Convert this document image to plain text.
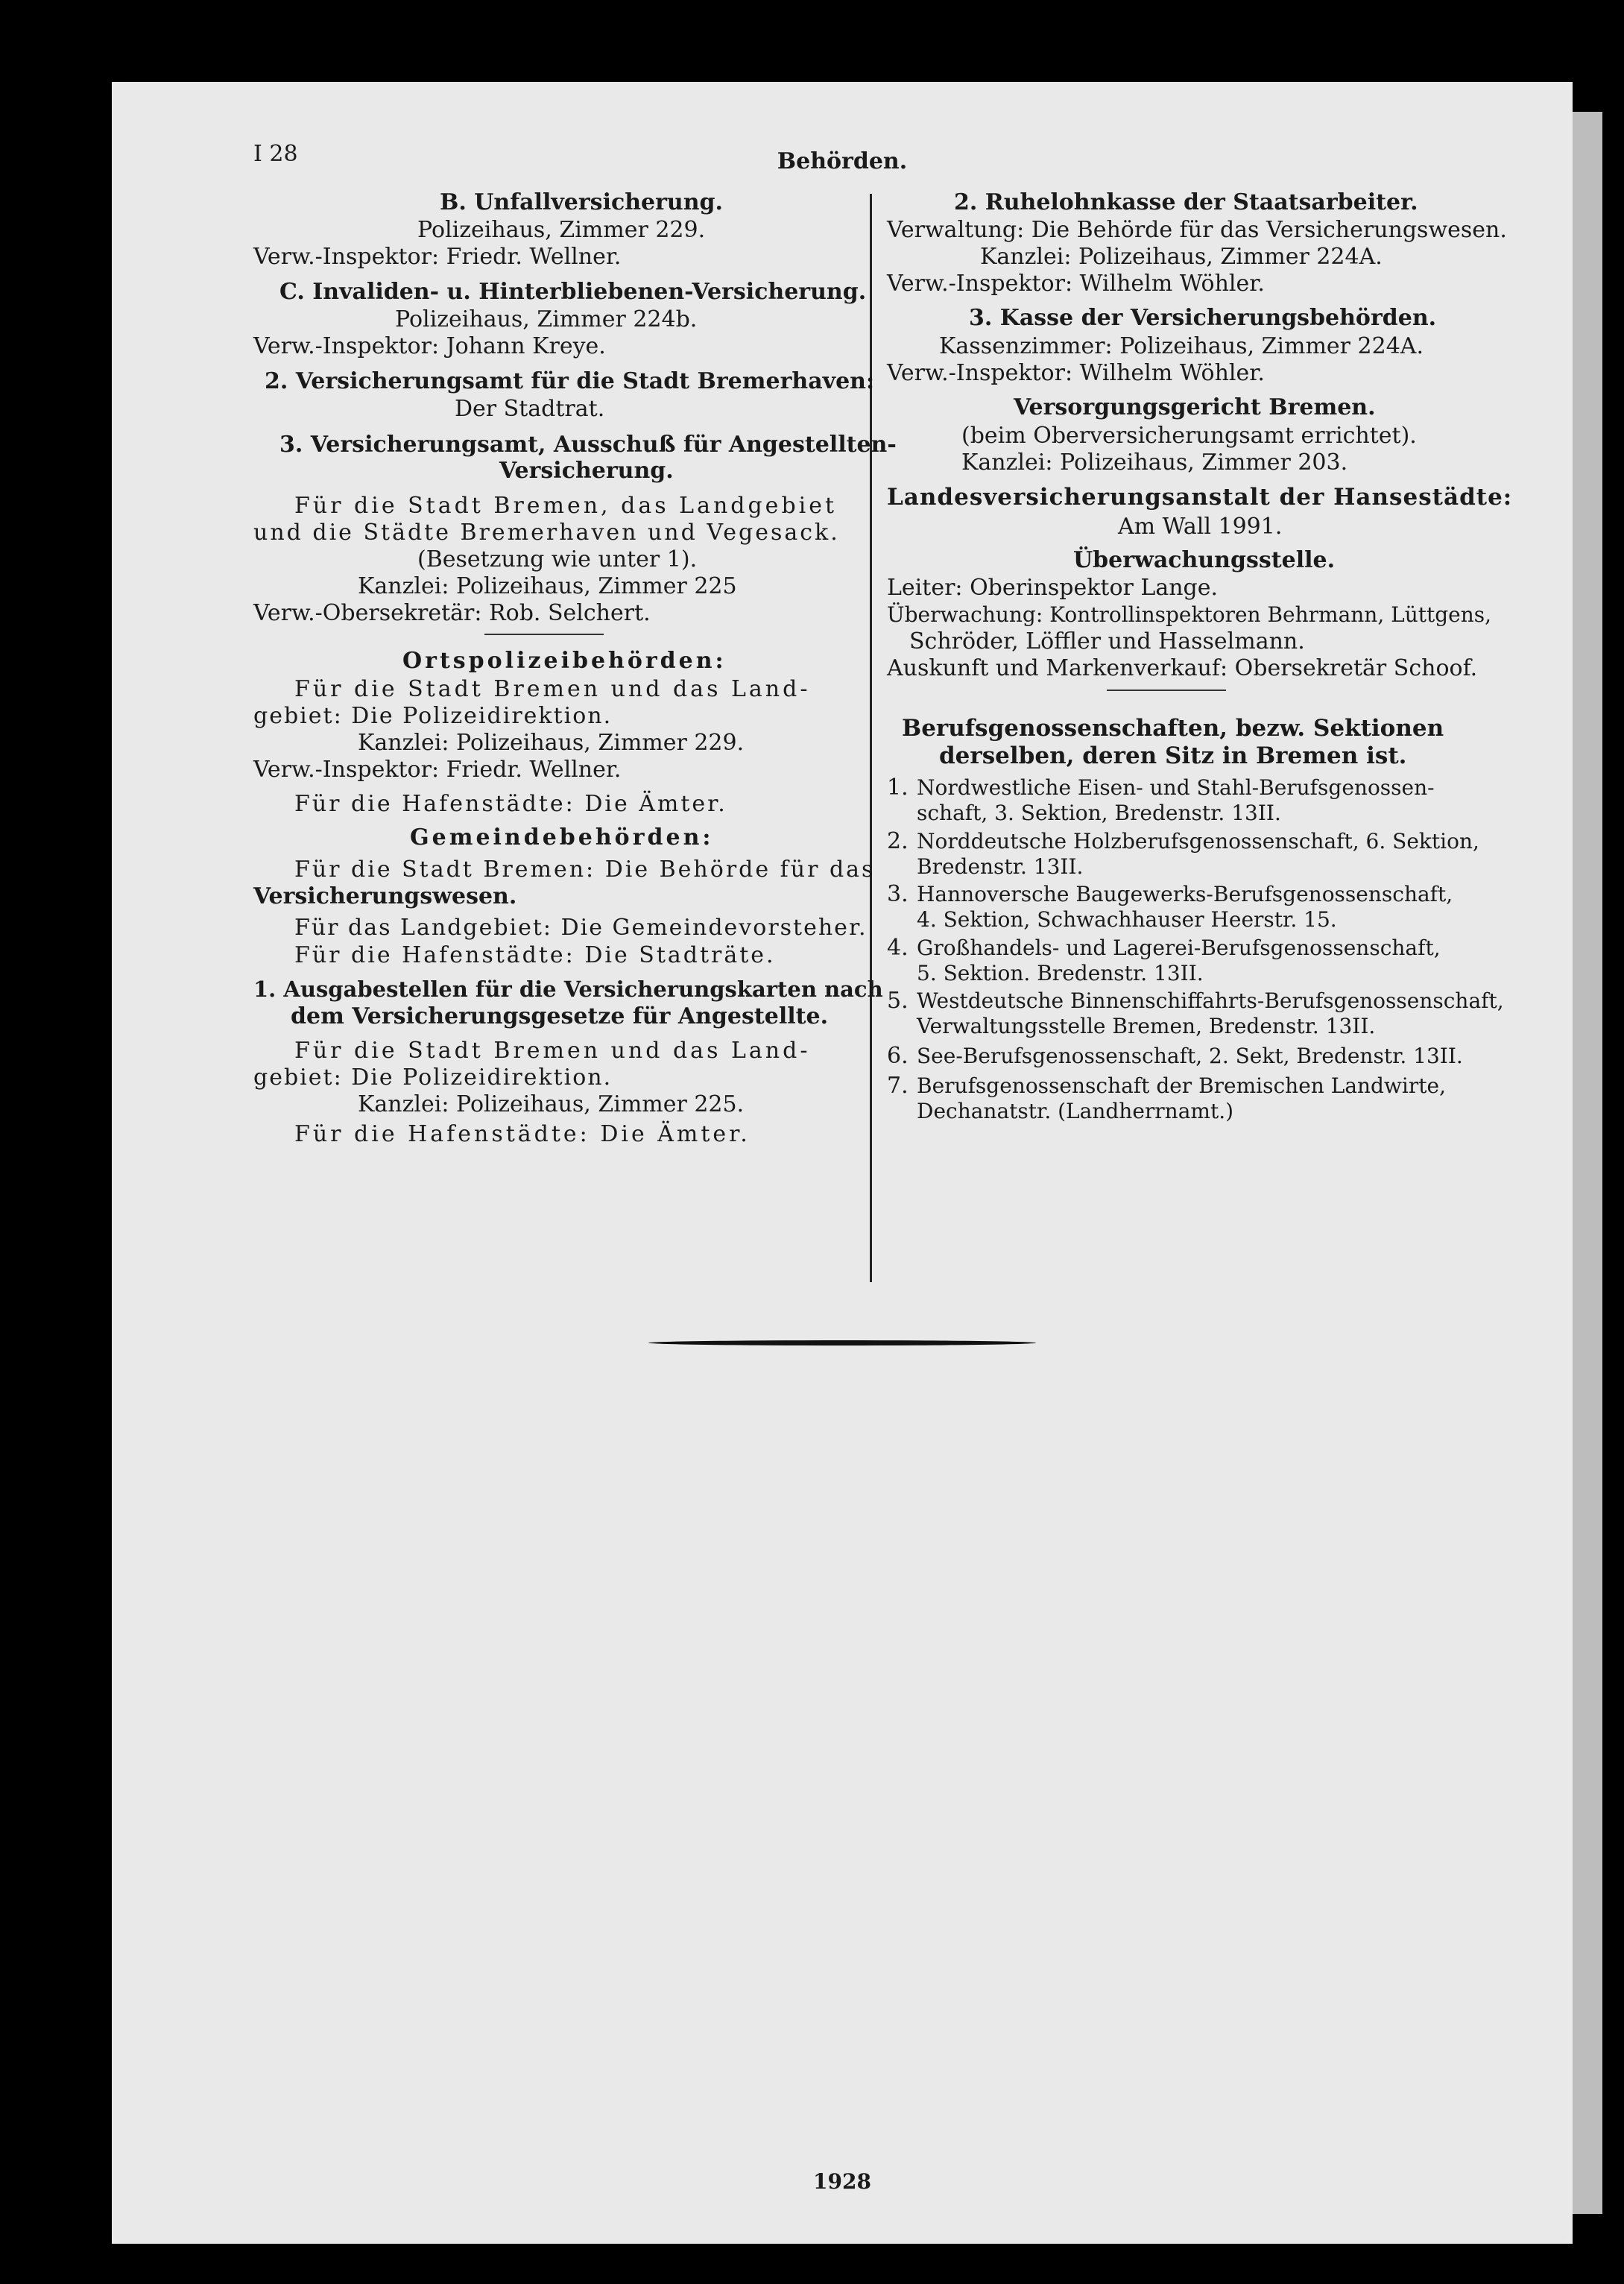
I 28	Behörden.
B. Unfallversicherung.
Polizeihaus, Zimmer 229.
Verw.-Inspektor: Friedr. Wellner.
C. Invaliden- u. Hinterbliebenen-Versicherung.
Polizeihaus, Zimmer 224b.
Verw.-Inspektor: Johann Kreye.
2. Versicherungsamt für die Stadt Bremerhaven:
Der Stadtrat.
3. Versicherungsamt, Ausschuß für Angestellten-
Versicherung.
Für die Stadt Bremen, das Landgebiet
und die Städte Bremerhaven und Vegesack.
(Besetzung wie unter 1).
Kanzlei: Polizeihaus, Zimmer 225
Verw.-Obersekretär: Rob. Selchert.
Ortspolizeibehörden:
Für die Stadt Bremen und das Land-
gebiet: Die Polizeidirektion.
Kanzlei: Polizeihaus, Zimmer 229.
Verw.-Inspektor: Friedr. Wellner.
Für die Hafenstädte: Die Ämter.
Gemeindebehörden:
Für die Stadt Bremen: Die Behörde für das
Versicherungswesen.
Für das Landgebiet: Die Gemeindevorsteher.
Für die Hafenstädte: Die Stadträte.
1. Ausgabestellen für die Versicherungskarten nach
dem Versicherungsgesetze für Angestellte.
Für die Stadt Bremen und das Land-
gebiet: Die Polizeidirektion.
Kanzlei: Polizeihaus, Zimmer 225.
Für die Hafenstädte: Die Ämter.
2. Ruhelohnkasse der Staatsarbeiter.
Verwaltung: Die Behörde für das Versicherungswesen.
Kanzlei: Polizeihaus, Zimmer 224A.
Verw.-Inspektor: Wilhelm Wöhler.
3. Kasse der Versicherungsbehörden.
Kassenzimmer: Polizeihaus, Zimmer 224A.
Verw.-Inspektor: Wilhelm Wöhler.
Versorgungsgericht Bremen.
(beim Oberversicherungsamt errichtet).
Kanzlei: Polizeihaus, Zimmer 203.
Landesversicherungsanstalt der Hansestädte:
Am Wall 1991.
Überwachungsstelle.
Leiter: Oberinspektor Lange.
Überwachung: Kontrollinspektoren Behrmann, Lüttgens,
Schröder, Löffler und Hasselmann.
Auskunft und Markenverkauf: Obersekretär Schoof.
Berufsgenossenschaften, bezw. Sektionen
derselben, deren Sitz in Bremen ist.
1. Nordwestliche Eisen- und Stahl-Berufsgenossen-
schaft, 3. Sektion, Bredenstr. 13II.
2. Norddeutsche Holzberufsgenossenschaft, 6. Sektion,
Bredenstr. 13II.
3. Hannoversche Baugewerks-Berufsgenossenschaft,
4. Sektion, Schwachhauser Heerstr. 15.
4. Großhandels- und Lagerei-Berufsgenossenschaft,
5. Sektion. Bredenstr. 13II.
5. Westdeutsche Binnenschiffahrts-Berufsgenossenschaft,
Verwaltungsstelle Bremen, Bredenstr. 13II.
6. See-Berufsgenossenschaft, 2. Sekt, Bredenstr. 13II.
7. Berufsgenossenschaft der Bremischen Landwirte,
Dechanatstr. (Landherrnamt.)
1928
